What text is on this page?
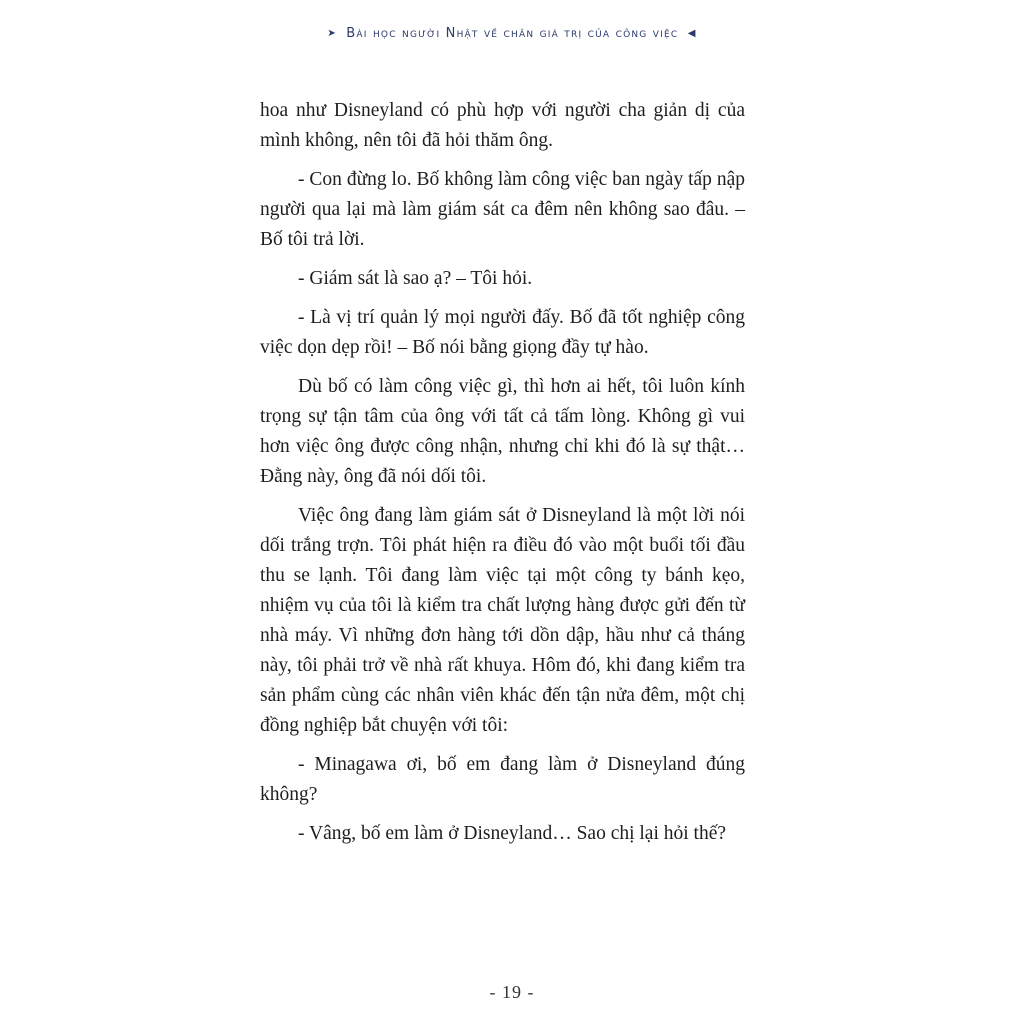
➤ Bài học người Nhật về chân giá trị của công việc ◀

hoa như Disneyland có phù hợp với người cha giản dị của mình không, nên tôi đã hỏi thăm ông.

- Con đừng lo. Bố không làm công việc ban ngày tấp nập người qua lại mà làm giám sát ca đêm nên không sao đâu. – Bố tôi trả lời.

- Giám sát là sao ạ? – Tôi hỏi.

- Là vị trí quản lý mọi người đấy. Bố đã tốt nghiệp công việc dọn dẹp rồi! – Bố nói bằng giọng đầy tự hào.

Dù bố có làm công việc gì, thì hơn ai hết, tôi luôn kính trọng sự tận tâm của ông với tất cả tấm lòng. Không gì vui hơn việc ông được công nhận, nhưng chỉ khi đó là sự thật… Đằng này, ông đã nói dối tôi.

Việc ông đang làm giám sát ở Disneyland là một lời nói dối trắng trợn. Tôi phát hiện ra điều đó vào một buổi tối đầu thu se lạnh. Tôi đang làm việc tại một công ty bánh kẹo, nhiệm vụ của tôi là kiểm tra chất lượng hàng được gửi đến từ nhà máy. Vì những đơn hàng tới dồn dập, hầu như cả tháng này, tôi phải trở về nhà rất khuya. Hôm đó, khi đang kiểm tra sản phẩm cùng các nhân viên khác đến tận nửa đêm, một chị đồng nghiệp bắt chuyện với tôi:

- Minagawa ơi, bố em đang làm ở Disneyland đúng không?

- Vâng, bố em làm ở Disneyland… Sao chị lại hỏi thế?

- 19 -
